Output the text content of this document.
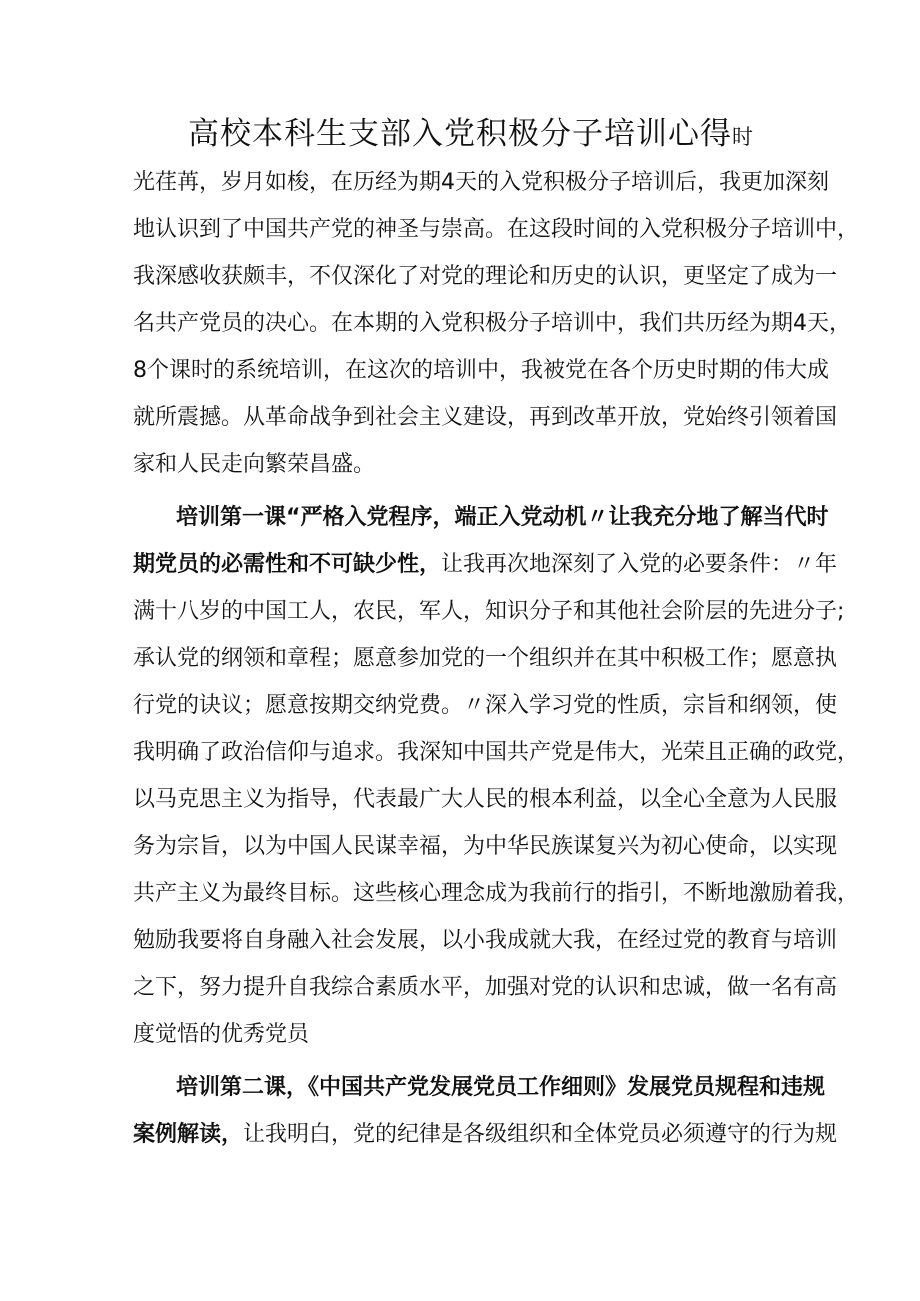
高校本科生支部入党积极分子培训心得时
光荏苒，岁月如梭，在历经为期4天的入党积极分子培训后，我更加深刻
地认识到了中国共产党的神圣与崇高。在这段时间的入党积极分子培训中，
我深感收获颇丰，不仅深化了对党的理论和历史的认识，更坚定了成为一
名共产党员的决心。在本期的入党积极分子培训中，我们共历经为期4天，
8个课时的系统培训，在这次的培训中，我被党在各个历史时期的伟大成
就所震撼。从革命战争到社会主义建设，再到改革开放，党始终引领着国
家和人民走向繁荣昌盛。
培训第一课“严格入党程序，端正入党动机〃让我充分地了解当代时
期党员的必需性和不可缺少性，让我再次地深刻了入党的必要条件：〃年
满十八岁的中国工人，农民，军人，知识分子和其他社会阶层的先进分子;
承认党的纲领和章程；愿意参加党的一个组织并在其中积极工作；愿意执
行党的诀议；愿意按期交纳党费。〃深入学习党的性质，宗旨和纲领，使
我明确了政治信仰与追求。我深知中国共产党是伟大，光荣且正确的政党，
以马克思主义为指导，代表最广大人民的根本利益，以全心全意为人民服
务为宗旨，以为中国人民谋幸福，为中华民族谋复兴为初心使命，以实现
共产主义为最终目标。这些核心理念成为我前行的指引，不断地激励着我，
勉励我要将自身融入社会发展，以小我成就大我，在经过党的教育与培训
之下，努力提升自我综合素质水平，加强对党的认识和忠诚，做一名有高
度觉悟的优秀党员
培训第二课，《中国共产党发展党员工作细则》发展党员规程和违规
案例解读，让我明白，党的纪律是各级组织和全体党员必须遵守的行为规
